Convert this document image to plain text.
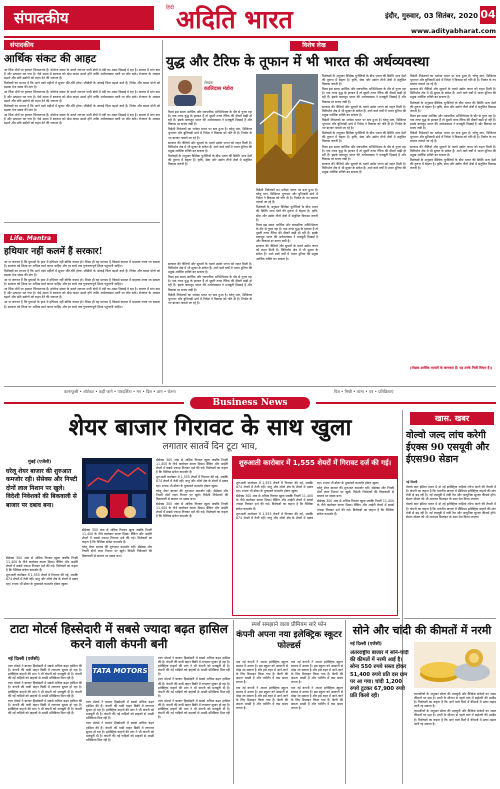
संपादकीय
हिंदी अदिति भारत	इंदौर, गुरुवार, 03 सितंबर, 2020 04
www.adityabharat.com
संपादकीय
आर्थिक संकट की आहट

आ र्थिक मोर्चे पर हालात चिंताजनक हैं। कोरोना संकट के चलते लगभग सभी क्षेत्रों में मंदी का असर दिखाई दे रहा है। बाजार में मांग कम है और उत्पादन घट गया है। ऐसे समय में सरकार को ठोस कदम उठाने होंगे ताकि अर्थव्यवस्था पटरी पर लौट सके। रोजगार के अवसर बढ़ाने और छोटे उद्योगों को राहत देने की जरूरत है।

विशेषज्ञों का मानना है कि आने वाले महीनों में सुधार धीरे-धीरे होगा। जीडीपी के आंकड़े चिंता बढ़ाने वाले हैं। निवेश और खपत दोनों को बढ़ावा देना समय की मांग है।

आ र्थिक मोर्चे पर हालात चिंताजनक हैं। कोरोना संकट के चलते लगभग सभी क्षेत्रों में मंदी का असर दिखाई दे रहा है। बाजार में मांग कम है और उत्पादन घट गया है। ऐसे समय में सरकार को ठोस कदम उठाने होंगे ताकि अर्थव्यवस्था पटरी पर लौट सके। रोजगार के अवसर बढ़ाने और छोटे उद्योगों को राहत देने की जरूरत है।

विशेषज्ञों का मानना है कि आने वाले महीनों में सुधार धीरे-धीरे होगा। जीडीपी के आंकड़े चिंता बढ़ाने वाले हैं। निवेश और खपत दोनों को बढ़ावा देना समय की मांग है।

आ र्थिक मोर्चे पर हालात चिंताजनक हैं। कोरोना संकट के चलते लगभग सभी क्षेत्रों में मंदी का असर दिखाई दे रहा है। बाजार में मांग कम है और उत्पादन घट गया है। ऐसे समय में सरकार को ठोस कदम उठाने होंगे ताकि अर्थव्यवस्था पटरी पर लौट सके। रोजगार के अवसर बढ़ाने और छोटे उद्योगों को राहत देने की जरूरत है।

Life. Mantra
हथियार नहीं कलमें हैं सरकार!

आ ज जरूरत है कि युवाओं के हाथ में हथियार नहीं बल्कि कलम हो। शिक्षा ही वह माध्यम है जिससे समाज में बदलाव लाया जा सकता है। सरकार को शिक्षा पर अधिक खर्च करना चाहिए और हर बच्चे तक गुणवत्तापूर्ण शिक्षा पहुंचानी चाहिए।

विशेषज्ञों का मानना है कि आने वाले महीनों में सुधार धीरे-धीरे होगा। जीडीपी के आंकड़े चिंता बढ़ाने वाले हैं। निवेश और खपत दोनों को बढ़ावा देना समय की मांग है।

आ ज जरूरत है कि युवाओं के हाथ में हथियार नहीं बल्कि कलम हो। शिक्षा ही वह माध्यम है जिससे समाज में बदलाव लाया जा सकता है। सरकार को शिक्षा पर अधिक खर्च करना चाहिए और हर बच्चे तक गुणवत्तापूर्ण शिक्षा पहुंचानी चाहिए।

आ र्थिक मोर्चे पर हालात चिंताजनक हैं। कोरोना संकट के चलते लगभग सभी क्षेत्रों में मंदी का असर दिखाई दे रहा है। बाजार में मांग कम है और उत्पादन घट गया है। ऐसे समय में सरकार को ठोस कदम उठाने होंगे ताकि अर्थव्यवस्था पटरी पर लौट सके। रोजगार के अवसर बढ़ाने और छोटे उद्योगों को राहत देने की जरूरत है।

आ ज जरूरत है कि युवाओं के हाथ में हथियार नहीं बल्कि कलम हो। शिक्षा ही वह माध्यम है जिससे समाज में बदलाव लाया जा सकता है। सरकार को शिक्षा पर अधिक खर्च करना चाहिए और हर बच्चे तक गुणवत्तापूर्ण शिक्षा पहुंचानी चाहिए।

विशेष लेख
युद्ध और टैरिफ के तूफान में भी भारत की अर्थव्यवस्था
लेखक
कालिदास मंडोरा

विश्व इस समय आर्थिक और व्यापारिक अनिश्चितता के दौर से गुजर रहा है। एक तरफ युद्ध के हालात हैं तो दूसरी तरफ टैरिफ की दीवारें खड़ी हो रही हैं। इसके बावजूद भारत की अर्थव्यवस्था ने मजबूती दिखाई है और विकास दर बनाए रखी है।

विदेशी निवेशकों का भरोसा भारत पर बना हुआ है। घरेलू मांग, डिजिटल भुगतान और बुनियादी ढांचे में निवेश ने विकास को गति दी है। निर्यात के नए बाजार तलाशे जा रहे हैं।

सरकार की नीतियों और सुधारों के चलते उद्योग जगत को राहत मिली है। विनिर्माण क्षेत्र में भी सुधार के संकेत हैं। आने वाले वर्षों में भारत दुनिया की प्रमुख आर्थिक शक्ति बन सकता है।

विशेषज्ञों के अनुसार वैश्विक चुनौतियों के बीच भारत की स्थिति अन्य देशों की तुलना में बेहतर है। कृषि, सेवा और उद्योग तीनों क्षेत्रों में संतुलित विकास जरूरी है।

सरकार की नीतियों और सुधारों के चलते उद्योग जगत को राहत मिली है। विनिर्माण क्षेत्र में भी सुधार के संकेत हैं। आने वाले वर्षों में भारत दुनिया की प्रमुख आर्थिक शक्ति बन सकता है।

विश्व इस समय आर्थिक और व्यापारिक अनिश्चितता के दौर से गुजर रहा है। एक तरफ युद्ध के हालात हैं तो दूसरी तरफ टैरिफ की दीवारें खड़ी हो रही हैं। इसके बावजूद भारत की अर्थव्यवस्था ने मजबूती दिखाई है और विकास दर बनाए रखी है।

विदेशी निवेशकों का भरोसा भारत पर बना हुआ है। घरेलू मांग, डिजिटल भुगतान और बुनियादी ढांचे में निवेश ने विकास को गति दी है। निर्यात के नए बाजार तलाशे जा रहे हैं।

विदेशी निवेशकों का भरोसा भारत पर बना हुआ है। घरेलू मांग, डिजिटल भुगतान और बुनियादी ढांचे में निवेश ने विकास को गति दी है। निर्यात के नए बाजार तलाशे जा रहे हैं।

विशेषज्ञों के अनुसार वैश्विक चुनौतियों के बीच भारत की स्थिति अन्य देशों की तुलना में बेहतर है। कृषि, सेवा और उद्योग तीनों क्षेत्रों में संतुलित विकास जरूरी है।

विश्व इस समय आर्थिक और व्यापारिक अनिश्चितता के दौर से गुजर रहा है। एक तरफ युद्ध के हालात हैं तो दूसरी तरफ टैरिफ की दीवारें खड़ी हो रही हैं। इसके बावजूद भारत की अर्थव्यवस्था ने मजबूती दिखाई है और विकास दर बनाए रखी है।

सरकार की नीतियों और सुधारों के चलते उद्योग जगत को राहत मिली है। विनिर्माण क्षेत्र में भी सुधार के संकेत हैं। आने वाले वर्षों में भारत दुनिया की प्रमुख आर्थिक शक्ति बन सकता है।

विशेषज्ञों के अनुसार वैश्विक चुनौतियों के बीच भारत की स्थिति अन्य देशों की तुलना में बेहतर है। कृषि, सेवा और उद्योग तीनों क्षेत्रों में संतुलित विकास जरूरी है।

विश्व इस समय आर्थिक और व्यापारिक अनिश्चितता के दौर से गुजर रहा है। एक तरफ युद्ध के हालात हैं तो दूसरी तरफ टैरिफ की दीवारें खड़ी हो रही हैं। इसके बावजूद भारत की अर्थव्यवस्था ने मजबूती दिखाई है और विकास दर बनाए रखी है।

सरकार की नीतियों और सुधारों के चलते उद्योग जगत को राहत मिली है। विनिर्माण क्षेत्र में भी सुधार के संकेत हैं। आने वाले वर्षों में भारत दुनिया की प्रमुख आर्थिक शक्ति बन सकता है।

विदेशी निवेशकों का भरोसा भारत पर बना हुआ है। घरेलू मांग, डिजिटल भुगतान और बुनियादी ढांचे में निवेश ने विकास को गति दी है। निर्यात के नए बाजार तलाशे जा रहे हैं।

विशेषज्ञों के अनुसार वैश्विक चुनौतियों के बीच भारत की स्थिति अन्य देशों की तुलना में बेहतर है। कृषि, सेवा और उद्योग तीनों क्षेत्रों में संतुलित विकास जरूरी है।

विश्व इस समय आर्थिक और व्यापारिक अनिश्चितता के दौर से गुजर रहा है। एक तरफ युद्ध के हालात हैं तो दूसरी तरफ टैरिफ की दीवारें खड़ी हो रही हैं। इसके बावजूद भारत की अर्थव्यवस्था ने मजबूती दिखाई है और विकास दर बनाए रखी है।

सरकार की नीतियों और सुधारों के चलते उद्योग जगत को राहत मिली है। विनिर्माण क्षेत्र में भी सुधार के संकेत हैं। आने वाले वर्षों में भारत दुनिया की प्रमुख आर्थिक शक्ति बन सकता है।

विदेशी निवेशकों का भरोसा भारत पर बना हुआ है। घरेलू मांग, डिजिटल भुगतान और बुनियादी ढांचे में निवेश ने विकास को गति दी है। निर्यात के नए बाजार तलाशे जा रहे हैं।

सरकार की नीतियों और सुधारों के चलते उद्योग जगत को राहत मिली है। विनिर्माण क्षेत्र में भी सुधार के संकेत हैं। आने वाले वर्षों में भारत दुनिया की प्रमुख आर्थिक शक्ति बन सकता है।

विशेषज्ञों के अनुसार वैश्विक चुनौतियों के बीच भारत की स्थिति अन्य देशों की तुलना में बेहतर है। कृषि, सेवा और उद्योग तीनों क्षेत्रों में संतुलित विकास जरूरी है।

विश्व इस समय आर्थिक और व्यापारिक अनिश्चितता के दौर से गुजर रहा है। एक तरफ युद्ध के हालात हैं तो दूसरी तरफ टैरिफ की दीवारें खड़ी हो रही हैं। इसके बावजूद भारत की अर्थव्यवस्था ने मजबूती दिखाई है और विकास दर बनाए रखी है।

विदेशी निवेशकों का भरोसा भारत पर बना हुआ है। घरेलू मांग, डिजिटल भुगतान और बुनियादी ढांचे में निवेश ने विकास को गति दी है। निर्यात के नए बाजार तलाशे जा रहे हैं।

सरकार की नीतियों और सुधारों के चलते उद्योग जगत को राहत मिली है। विनिर्माण क्षेत्र में भी सुधार के संकेत हैं। आने वाले वर्षों में भारत दुनिया की प्रमुख आर्थिक शक्ति बन सकता है।

विशेषज्ञों के अनुसार वैश्विक चुनौतियों के बीच भारत की स्थिति अन्य देशों की तुलना में बेहतर है। कृषि, सेवा और उद्योग तीनों क्षेत्रों में संतुलित विकास जरूरी है।

(लेखक आर्थिक मामलों के जानकार हैं। यह उनके निजी विचार हैं।)
कानाफूसी • शॉर्टकट • कहीं जाने • पारदर्शिता • मन • दिल • ज्ञान • चेतना	चित्र • मिस्री • व्यंग्य • पत्र • प्रतिक्रियाएं
Business News
शेयर बाजार गिरावट के साथ खुला
लगातार सातवें दिन टूटा भाव,
मुंबई (एजेंसी)
घरेलू शेयर बाजार की शुरुआत कमजोर रही। सेंसेक्स और निफ्टी दोनों लाल निशान पर खुले। विदेशी निवेशकों की बिकवाली से बाजार पर दबाव बना।

सेंसेक्स 300 अंक से अधिक गिरकर खुला जबकि निफ्टी 11,400 के नीचे कारोबार करता दिखा। बैंकिंग और आईटी शेयरों में सबसे ज्यादा गिरावट दर्ज की गई। विशेषज्ञों का कहना है कि वैश्विक संकेत कमजोर हैं।

शुरुआती कारोबार में 1,555 शेयरों में गिरावट की गई, जबकि 874 शेयरों में तेजी रही। धातु और ऑटो क्षेत्र के शेयरों में दबाव रहा। रुपया भी डॉलर के मुकाबले कमजोर होकर खुला।

सेंसेक्स 300 अंक से अधिक गिरकर खुला जबकि निफ्टी 11,400 के नीचे कारोबार करता दिखा। बैंकिंग और आईटी शेयरों में सबसे ज्यादा गिरावट दर्ज की गई। विशेषज्ञों का कहना है कि वैश्विक संकेत कमजोर हैं।

घरेलू शेयर बाजार की शुरुआत कमजोर रही। सेंसेक्स और निफ्टी दोनों लाल निशान पर खुले। विदेशी निवेशकों की बिकवाली से बाजार पर दबाव बना।

सेंसेक्स 300 अंक से अधिक गिरकर खुला जबकि निफ्टी 11,400 के नीचे कारोबार करता दिखा। बैंकिंग और आईटी शेयरों में सबसे ज्यादा गिरावट दर्ज की गई। विशेषज्ञों का कहना है कि वैश्विक संकेत कमजोर हैं।

शुरुआती कारोबार में 1,555 शेयरों में गिरावट की गई, जबकि 874 शेयरों में तेजी रही। धातु और ऑटो क्षेत्र के शेयरों में दबाव रहा। रुपया भी डॉलर के मुकाबले कमजोर होकर खुला।

घरेलू शेयर बाजार की शुरुआत कमजोर रही। सेंसेक्स और निफ्टी दोनों लाल निशान पर खुले। विदेशी निवेशकों की बिकवाली से बाजार पर दबाव बना।

सेंसेक्स 300 अंक से अधिक गिरकर खुला जबकि निफ्टी 11,400 के नीचे कारोबार करता दिखा। बैंकिंग और आईटी शेयरों में सबसे ज्यादा गिरावट दर्ज की गई। विशेषज्ञों का कहना है कि वैश्विक संकेत कमजोर हैं।

शुरुआती कारोबार में 1,555 शेयरों में गिरावट दर्ज की गई।

शुरुआती कारोबार में 1,555 शेयरों में गिरावट की गई, जबकि 874 शेयरों में तेजी रही। धातु और ऑटो क्षेत्र के शेयरों में दबाव रहा। रुपया भी डॉलर के मुकाबले कमजोर होकर खुला।

सेंसेक्स 300 अंक से अधिक गिरकर खुला जबकि निफ्टी 11,400 के नीचे कारोबार करता दिखा। बैंकिंग और आईटी शेयरों में सबसे ज्यादा गिरावट दर्ज की गई। विशेषज्ञों का कहना है कि वैश्विक संकेत कमजोर हैं।

शुरुआती कारोबार में 1,555 शेयरों में गिरावट की गई, जबकि 874 शेयरों में तेजी रही। धातु और ऑटो क्षेत्र के शेयरों में दबाव रहा। रुपया भी डॉलर के मुकाबले कमजोर होकर खुला।

घरेलू शेयर बाजार की शुरुआत कमजोर रही। सेंसेक्स और निफ्टी दोनों लाल निशान पर खुले। विदेशी निवेशकों की बिकवाली से बाजार पर दबाव बना।

सेंसेक्स 300 अंक से अधिक गिरकर खुला जबकि निफ्टी 11,400 के नीचे कारोबार करता दिखा। बैंकिंग और आईटी शेयरों में सबसे ज्यादा गिरावट दर्ज की गई। विशेषज्ञों का कहना है कि वैश्विक संकेत कमजोर हैं।

खास. खबर
वोल्वो जल्द लांच करेगी ईएक्स 90 एसयूवी और ईएस90 सेडान

नई दिल्ली

वोल्वो कार इंडिया भारत में दो नई इलेक्ट्रिक गाड़ियां लॉन्च करने की तैयारी में है। कंपनी का कहना है कि भारतीय बाजार में प्रीमियम इलेक्ट्रिक वाहनों की मांग तेजी से बढ़ रही है। नई एसयूवी में लंबी रेंज और आधुनिक सुरक्षा फीचर्स होंगे। सेडान मॉडल को भी शानदार डिजाइन के साथ पेश किया जाएगा।

वोल्वो कार इंडिया भारत में दो नई इलेक्ट्रिक गाड़ियां लॉन्च करने की तैयारी में है। कंपनी का कहना है कि भारतीय बाजार में प्रीमियम इलेक्ट्रिक वाहनों की मांग तेजी से बढ़ रही है। नई एसयूवी में लंबी रेंज और आधुनिक सुरक्षा फीचर्स होंगे। सेडान मॉडल को भी शानदार डिजाइन के साथ पेश किया जाएगा।

टाटा मोटर्स हिस्सेदारी में सबसे ज्यादा बढ़त हासिल करने वाली कंपनी बनी
नई दिल्ली (एजेंसी)

टाटा मोटर्स ने बाजार हिस्सेदारी में सबसे अधिक बढ़त हासिल की है। कंपनी की यात्री वाहन बिक्री में लगातार सुधार हो रहा है। इलेक्ट्रिक वाहनों की मांग ने भी कंपनी को मजबूती दी है। कंपनी की नई गाड़ियों को ग्राहकों से अच्छी प्रतिक्रिया मिल रही है।

टाटा मोटर्स ने बाजार हिस्सेदारी में सबसे अधिक बढ़त हासिल की है। कंपनी की यात्री वाहन बिक्री में लगातार सुधार हो रहा है। इलेक्ट्रिक वाहनों की मांग ने भी कंपनी को मजबूती दी है। कंपनी की नई गाड़ियों को ग्राहकों से अच्छी प्रतिक्रिया मिल रही है।

टाटा मोटर्स ने बाजार हिस्सेदारी में सबसे अधिक बढ़त हासिल की है। कंपनी की यात्री वाहन बिक्री में लगातार सुधार हो रहा है। इलेक्ट्रिक वाहनों की मांग ने भी कंपनी को मजबूती दी है। कंपनी की नई गाड़ियों को ग्राहकों से अच्छी प्रतिक्रिया मिल रही है।

TATA MOTORS

टाटा मोटर्स ने बाजार हिस्सेदारी में सबसे अधिक बढ़त हासिल की है। कंपनी की यात्री वाहन बिक्री में लगातार सुधार हो रहा है। इलेक्ट्रिक वाहनों की मांग ने भी कंपनी को मजबूती दी है। कंपनी की नई गाड़ियों को ग्राहकों से अच्छी प्रतिक्रिया मिल रही है।

टाटा मोटर्स ने बाजार हिस्सेदारी में सबसे अधिक बढ़त हासिल की है। कंपनी की यात्री वाहन बिक्री में लगातार सुधार हो रहा है। इलेक्ट्रिक वाहनों की मांग ने भी कंपनी को मजबूती दी है। कंपनी की नई गाड़ियों को ग्राहकों से अच्छी प्रतिक्रिया मिल रही है।

टाटा मोटर्स ने बाजार हिस्सेदारी में सबसे अधिक बढ़त हासिल की है। कंपनी की यात्री वाहन बिक्री में लगातार सुधार हो रहा है। इलेक्ट्रिक वाहनों की मांग ने भी कंपनी को मजबूती दी है। कंपनी की नई गाड़ियों को ग्राहकों से अच्छी प्रतिक्रिया मिल रही है।

टाटा मोटर्स ने बाजार हिस्सेदारी में सबसे अधिक बढ़त हासिल की है। कंपनी की यात्री वाहन बिक्री में लगातार सुधार हो रहा है। इलेक्ट्रिक वाहनों की मांग ने भी कंपनी को मजबूती दी है। कंपनी की नई गाड़ियों को ग्राहकों से अच्छी प्रतिक्रिया मिल रही है।

टाटा मोटर्स ने बाजार हिस्सेदारी में सबसे अधिक बढ़त हासिल की है। कंपनी की यात्री वाहन बिक्री में लगातार सुधार हो रहा है। इलेक्ट्रिक वाहनों की मांग ने भी कंपनी को मजबूती दी है। कंपनी की नई गाड़ियों को ग्राहकों से अच्छी प्रतिक्रिया मिल रही है।

स्पर्श समझाने वाला प्रीमियम सारे फोन
कंपनी अपना नया इलेक्ट्रिक स्कूटर फोल्डर्स

एक नई कंपनी ने अपना इलेक्ट्रिक स्कूटर बाजार में उतारा है। इस स्कूटर को आसानी से मोड़ा जा सकता है और इसे शहर में आने-जाने के लिए डिजाइन किया गया है। बैटरी की क्षमता अच्छी है और चार्जिंग में कम समय लगता है।

एक नई कंपनी ने अपना इलेक्ट्रिक स्कूटर बाजार में उतारा है। इस स्कूटर को आसानी से मोड़ा जा सकता है और इसे शहर में आने-जाने के लिए डिजाइन किया गया है। बैटरी की क्षमता अच्छी है और चार्जिंग में कम समय लगता है।

एक नई कंपनी ने अपना इलेक्ट्रिक स्कूटर बाजार में उतारा है। इस स्कूटर को आसानी से मोड़ा जा सकता है और इसे शहर में आने-जाने के लिए डिजाइन किया गया है। बैटरी की क्षमता अच्छी है और चार्जिंग में कम समय लगता है।

एक नई कंपनी ने अपना इलेक्ट्रिक स्कूटर बाजार में उतारा है। इस स्कूटर को आसानी से मोड़ा जा सकता है और इसे शहर में आने-जाने के लिए डिजाइन किया गया है। बैटरी की क्षमता अच्छी है और चार्जिंग में कम समय लगता है।

सोने और चांदी की कीमतों में नरमी
नई दिल्ली (एजेंसी)
अंतरराष्ट्रीय बाजार में सोने-चांदी की कीमतों में नरमी आई है। सोना 550 रुपये सस्ता होकर 51,400 रुपये प्रति दस ग्राम पर आ गया। चांदी 1,200 रुपये टूटकर 67,900 रुपये प्रति किलो रही।	व्यापारियों के अनुसार डॉलर की मजबूती और वैश्विक संकेतों का असर कीमतों पर पड़ा है। शादी के सीजन से पहले मांग में बढ़ोतरी की उम्मीद है। विशेषज्ञों का कहना है कि आने वाले दिनों में कीमतों में उतार-चढ़ाव जारी रह सकता है।

व्यापारियों के अनुसार डॉलर की मजबूती और वैश्विक संकेतों का असर कीमतों पर पड़ा है। शादी के सीजन से पहले मांग में बढ़ोतरी की उम्मीद है। विशेषज्ञों का कहना है कि आने वाले दिनों में कीमतों में उतार-चढ़ाव जारी रह सकता है।
